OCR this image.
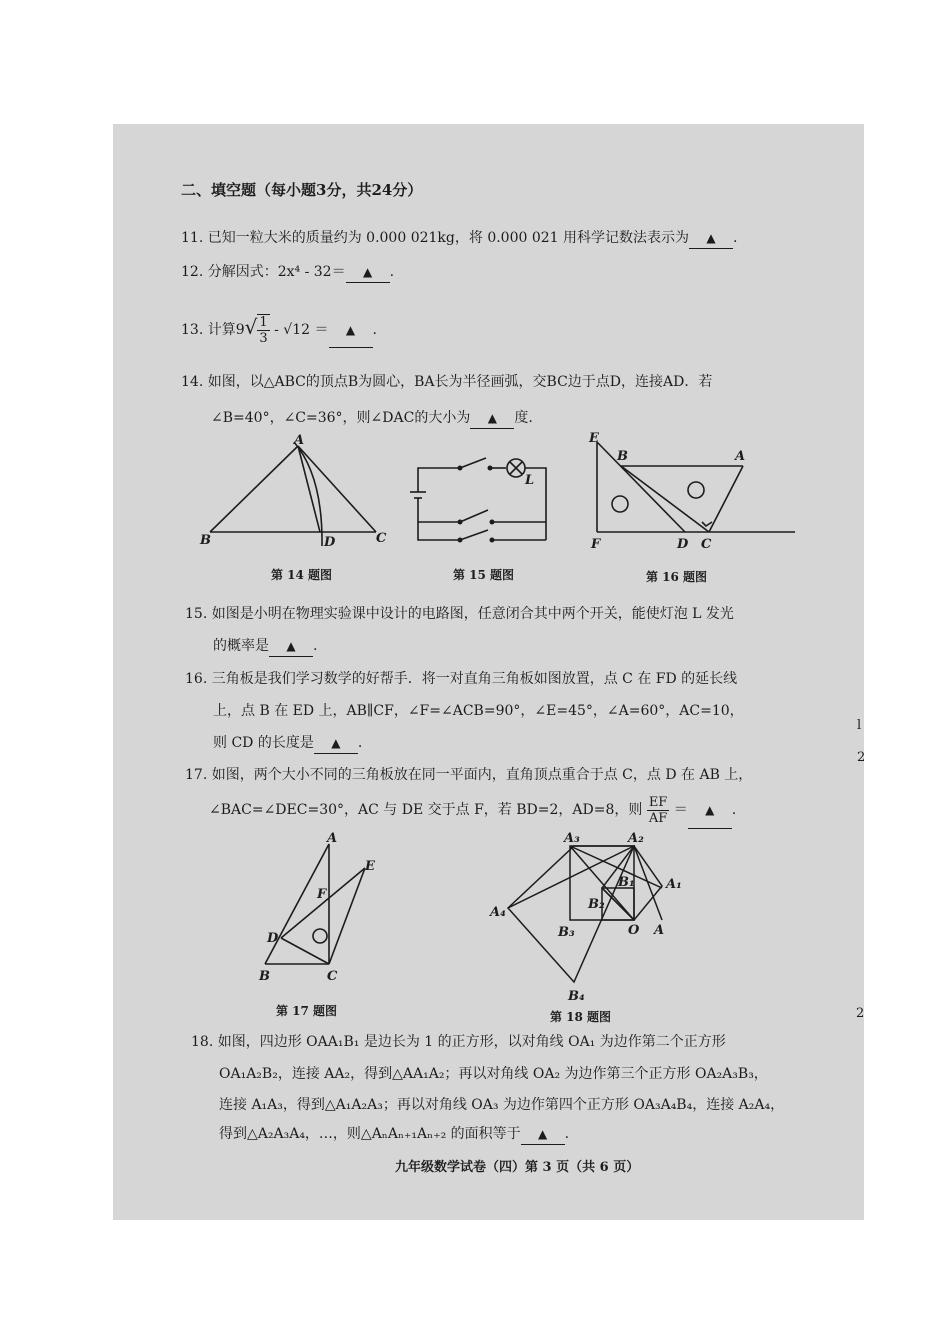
二、填空题（每小题3分，共24分）
11. 已知一粒大米的质量约为 0.000 021kg，将 0.000 021 用科学记数法表示为 ▲ .
12. 分解因式：2x⁴ - 32＝ ▲ .
13. 计算$9√ \frac{1}{3} - √12$ ＝ ▲ .
14. 如图，以△ABC的顶点B为圆心，BA长为半径画弧，交BC边于点D，连接AD．若
∠B=40°，∠C=36°，则∠DAC的大小为 ▲ 度.
A
B	D	C
第 14 题图
L
第 15 题图
E
B	A
F	D C
第 16 题图
15. 如图是小明在物理实验课中设计的电路图，任意闭合其中两个开关，能使灯泡 L 发光
的概率是 ▲ .
16. 三角板是我们学习数学的好帮手．将一对直角三角板如图放置，点 C 在 FD 的延长线
上，点 B 在 ED 上，AB∥CF，∠F=∠ACB=90°，∠E=45°，∠A=60°，AC=10，
则 CD 的长度是 ▲ .
17. 如图，两个大小不同的三角板放在同一平面内，直角顶点重合于点 C，点 D 在 AB 上，
∠BAC=∠DEC=30°，AC 与 DE 交于点 F，若 BD=2，AD=8，则 $\frac{EF}{AF}$ ＝ ▲ .
A
E
F
D
B	C
第 17 题图
A₃	A₂
B₁ A₁
B₂
A₄
B₃	O A
B₄
第 18 题图
18. 如图，四边形 OAA₁B₁ 是边长为 1 的正方形，以对角线 OA₁ 为边作第二个正方形
OA₁A₂B₂，连接 AA₂，得到△AA₁A₂；再以对角线 OA₂ 为边作第三个正方形 OA₂A₃B₃，
连接 A₁A₃，得到△A₁A₂A₃；再以对角线 OA₃ 为边作第四个正方形 OA₃A₄B₄，连接 A₂A₄，
得到△A₂A₃A₄，…，则△AₙAₙ₊₁Aₙ₊₂ 的面积等于 ▲ .
九年级数学试卷（四）第 3 页（共 6 页）
l
2
2
